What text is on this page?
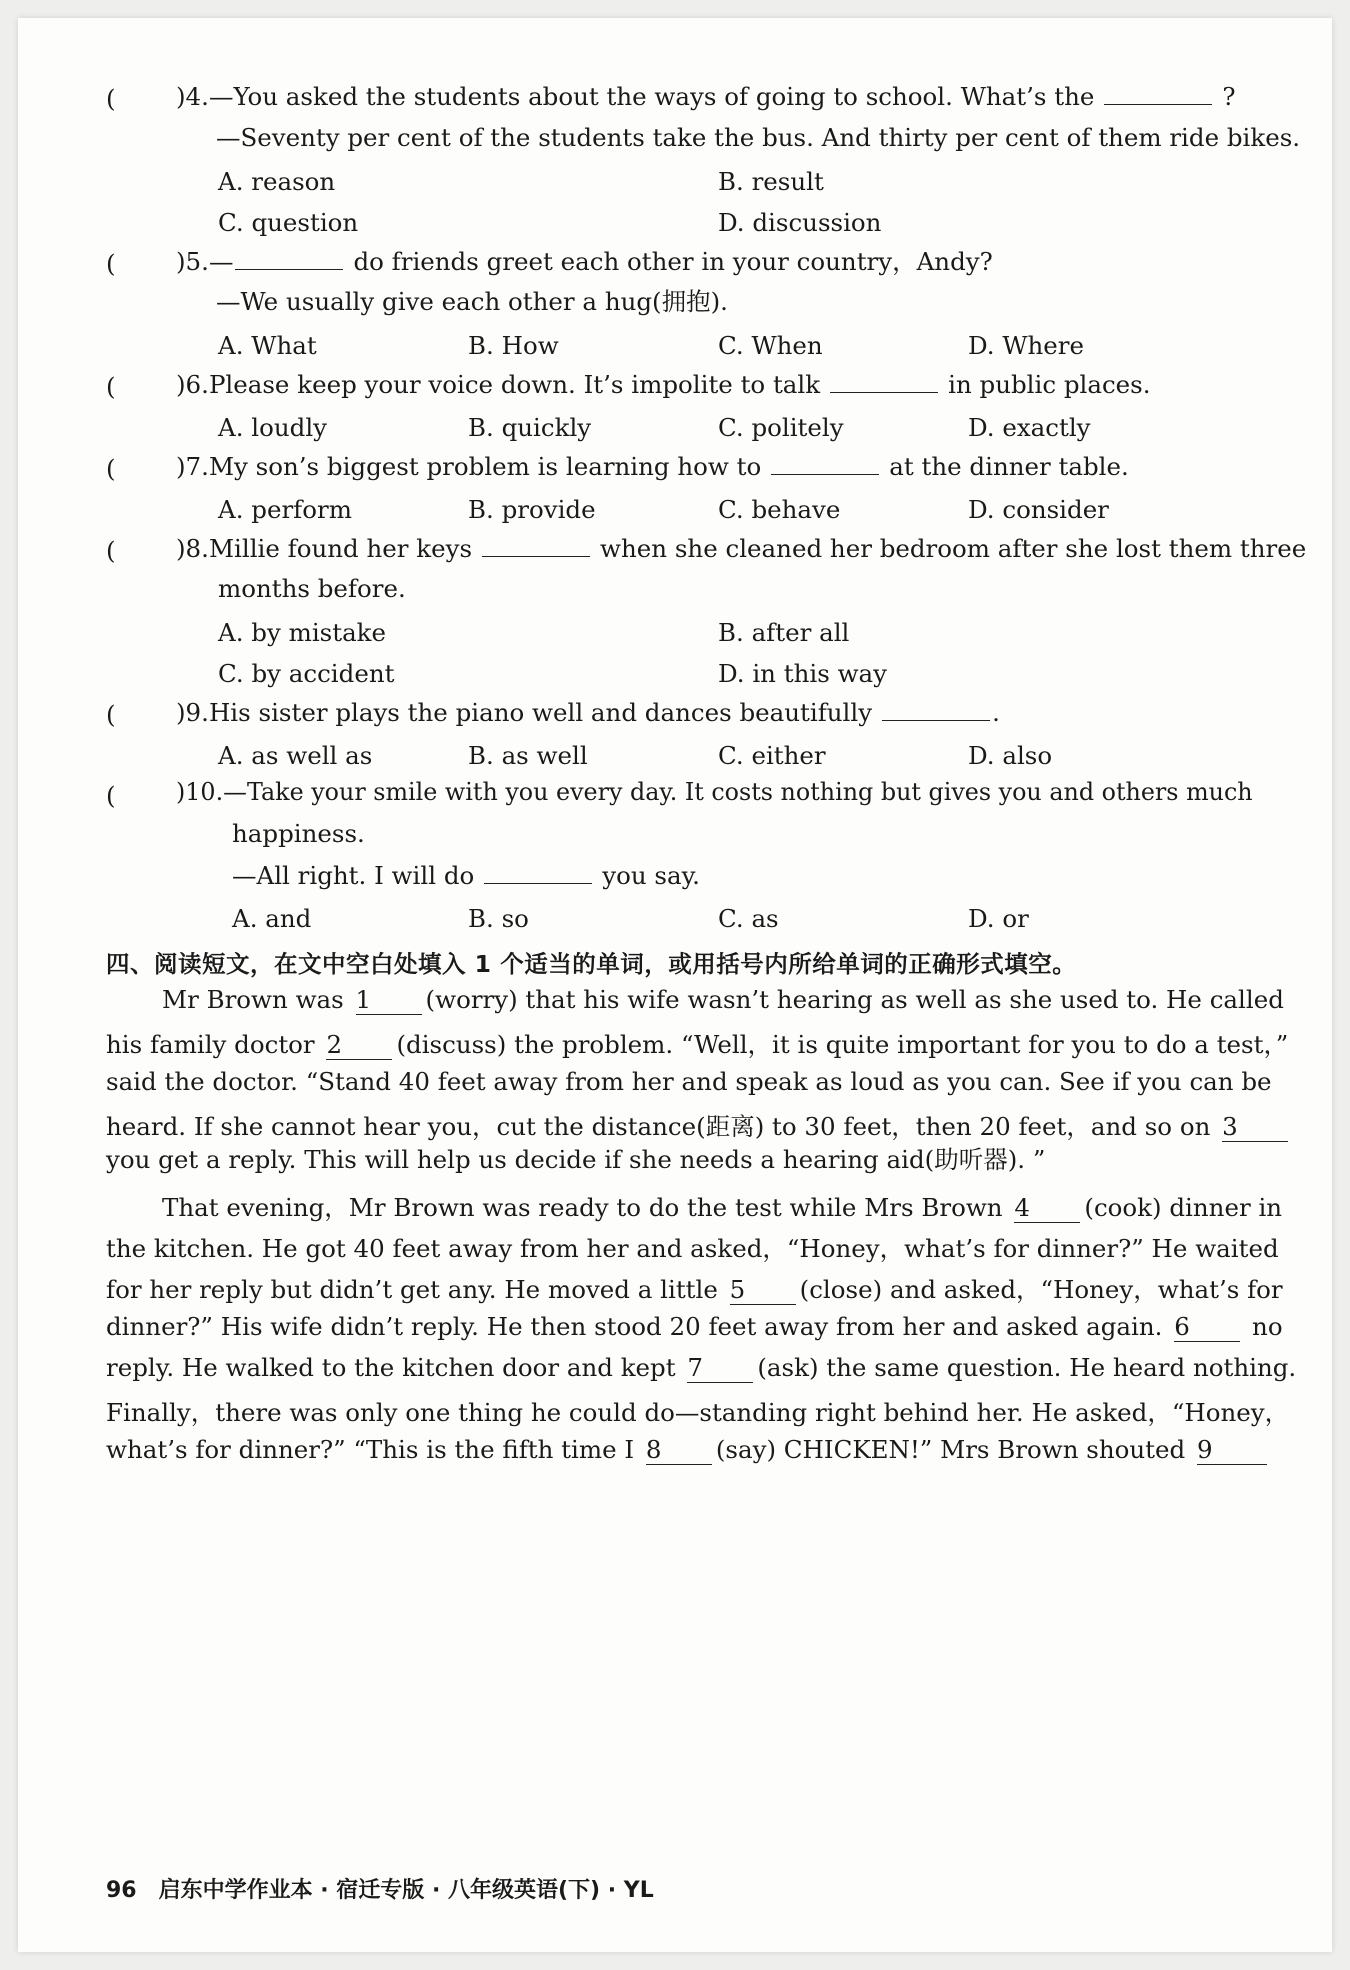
( )4.—You asked the students about the ways of going to school. What’s the	?
—Seventy per cent of the students take the bus. And thirty per cent of them ride bikes.
A. reason	B. result
C. question	D. discussion
( )5.—	do friends greet each other in your country，Andy?
—We usually give each other a hug(拥抱).
A. What	B. How	C. When	D. Where
( )6.Please keep your voice down. It’s impolite to talk	in public places.
A. loudly	B. quickly	C. politely	D. exactly
( )7.My son’s biggest problem is learning how to	at the dinner table.
A. perform	B. provide	C. behave	D. consider
( )8.Millie found her keys	when she cleaned her bedroom after she lost them three
months before.
A. by mistake	B. after all
C. by accident	D. in this way
( )9.His sister plays the piano well and dances beautifully	.
A. as well as	B. as well	C. either	D. also
(	)10.—Take your smile with you every day. It costs nothing but gives you and others much
happiness.
—All right. I will do	you say.
A. and	B. so	C. as	D. or
四、阅读短文，在文中空白处填入 1 个适当的单词，或用括号内所给单词的正确形式填空。
Mr Brown was 1 (worry) that his wife wasn’t hearing as well as she used to. He called
his family doctor 2 (discuss) the problem. “Well，it is quite important for you to do a test，”
said the doctor. “Stand 40 feet away from her and speak as loud as you can. See if you can be
heard. If she cannot hear you，cut the distance(距离) to 30 feet，then 20 feet，and so on 3
you get a reply. This will help us decide if she needs a hearing aid(助听器). ”
That evening，Mr Brown was ready to do the test while Mrs Brown 4 (cook) dinner in
the kitchen. He got 40 feet away from her and asked，“Honey，what’s for dinner?” He waited
for her reply but didn’t get any. He moved a little 5 (close) and asked，“Honey，what’s for
dinner?” His wife didn’t reply. He then stood 20 feet away from her and asked again. 6	no
reply. He walked to the kitchen door and kept 7 (ask) the same question. He heard nothing.
Finally，there was only one thing he could do—standing right behind her. He asked，“Honey，
what’s for dinner?” “This is the fifth time I 8 (say) CHICKEN!” Mrs Brown shouted 9
96 启东中学作业本 · 宿迁专版 · 八年级英语(下) · YL
